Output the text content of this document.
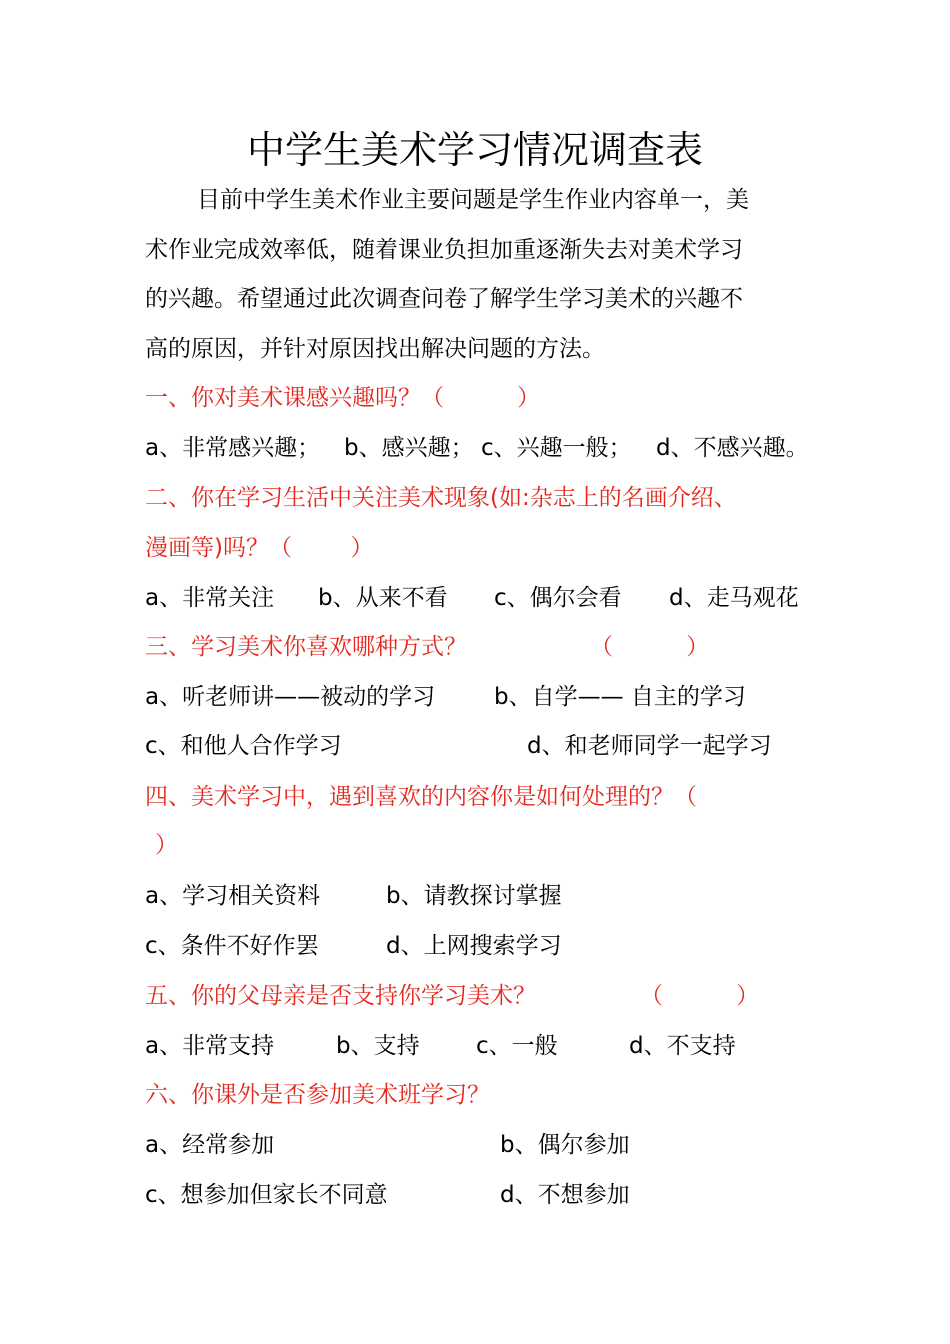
中学生美术学习情况调查表
目前中学生美术作业主要问题是学生作业内容单一，美
术作业完成效率低，随着课业负担加重逐渐失去对美术学习
的兴趣。希望通过此次调查问卷了解学生学习美术的兴趣不
高的原因，并针对原因找出解决问题的方法。
一、你对美术课感兴趣吗？（          ）
a、非常感兴趣； b、感兴趣； c、兴趣一般； d、不感兴趣。
二、你在学习生活中关注美术现象(如:杂志上的名画介绍、
漫画等)吗？（        ）
a、非常关注 b、从来不看 c、偶尔会看 d、走马观花
三、学习美术你喜欢哪种方式？	（          ）
a、听老师讲——被动的学习	b、自学—— 自主的学习
c、和他人合作学习	d、和老师同学一起学习
四、美术学习中，遇到喜欢的内容你是如何处理的？（
）
a、学习相关资料	b、请教探讨掌握
c、条件不好作罢	d、上网搜索学习
五、你的父母亲是否支持你学习美术？	（          ）
a、非常支持	b、支持 c、一般	d、不支持
六、你课外是否参加美术班学习？
a、经常参加	b、偶尔参加
c、想参加但家长不同意	d、不想参加
